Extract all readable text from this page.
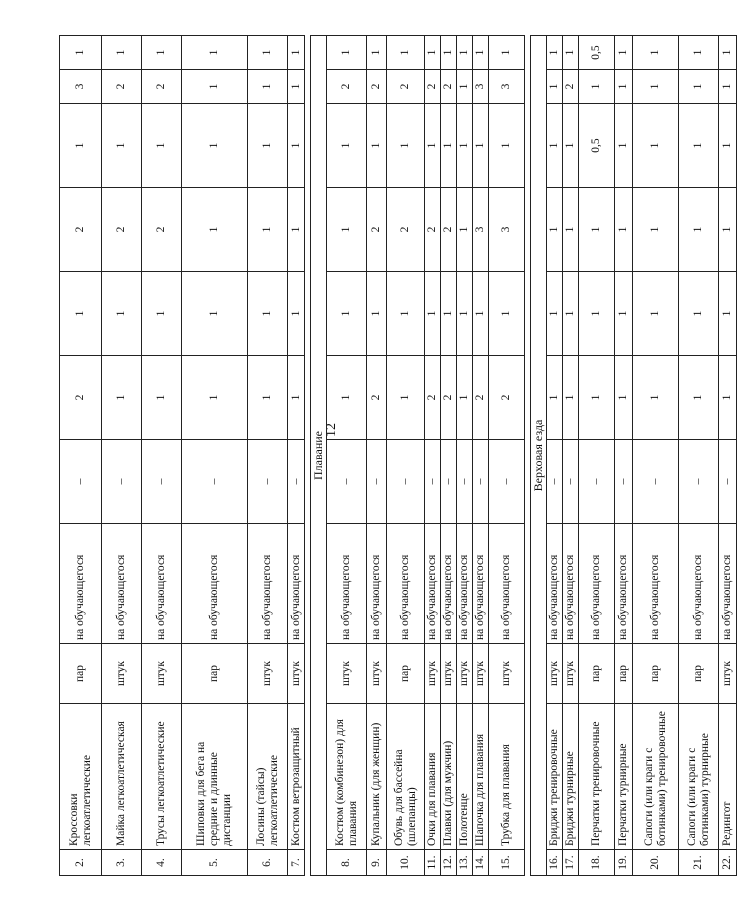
12
2.	Кроссовки легкоатлетические	пар	на обучающегося	–	2	1	2	1	3	1
3.	Майка легкоатлетическая	штук	на обучающегося	–	1	1	2	1	2	1
4.	Трусы легкоатлетические	штук	на обучающегося	–	1	1	2	1	2	1
5.	Шиповки для бега на средние и длинные дистанции	пар	на обучающегося	–	1	1	1	1	1	1
6.	Лосины (тайсы) легкоатлетические	штук	на обучающегося	–	1	1	1	1	1	1
7.	Костюм ветрозащитный	штук	на обучающегося	–	1	1	1	1	1	1

Плавание										
8.	Костюм (комбинезон) для плавания	штук	на обучающегося	–	1	1	1	1	2	1
9.	Купальник (для женщин)	штук	на обучающегося	–	2	1	2	1	2	1
10.	Обувь для бассейна (шлепанцы)	пар	на обучающегося	–	1	1	2	1	2	1
11.	Очки для плавания	штук	на обучающегося	–	2	1	2	1	2	1
12.	Плавки (для мужчин)	штук	на обучающегося	–	2	1	2	1	2	1
13.	Полотенце	штук	на обучающегося	–	1	1	1	1	1	1
14.	Шапочка для плавания	штук	на обучающегося	–	2	1	3	1	3	1
15.	Трубка для плавания	штук	на обучающегося	–	2	1	3	1	3	1

Верховая езда										
16.	Бриджи тренировочные	штук	на обучающегося	–	1	1	1	1	1	1
17.	Бриджи турнирные	штук	на обучающегося	–	1	1	1	1	2	1
18.	Перчатки тренировочные	пар	на обучающегося	–	1	1	1	0,5	1	0,5
19.	Перчатки турнирные	пар	на обучающегося	–	1	1	1	1	1	1
20.	Сапоги (или краги с ботинками) тренировочные	пар	на обучающегося	–	1	1	1	1	1	1
21.	Сапоги (или краги с ботинками) турнирные	пар	на обучающегося	–	1	1	1	1	1	1
22.	Редингот	штук	на обучающегося	–	1	1	1	1	1	1
